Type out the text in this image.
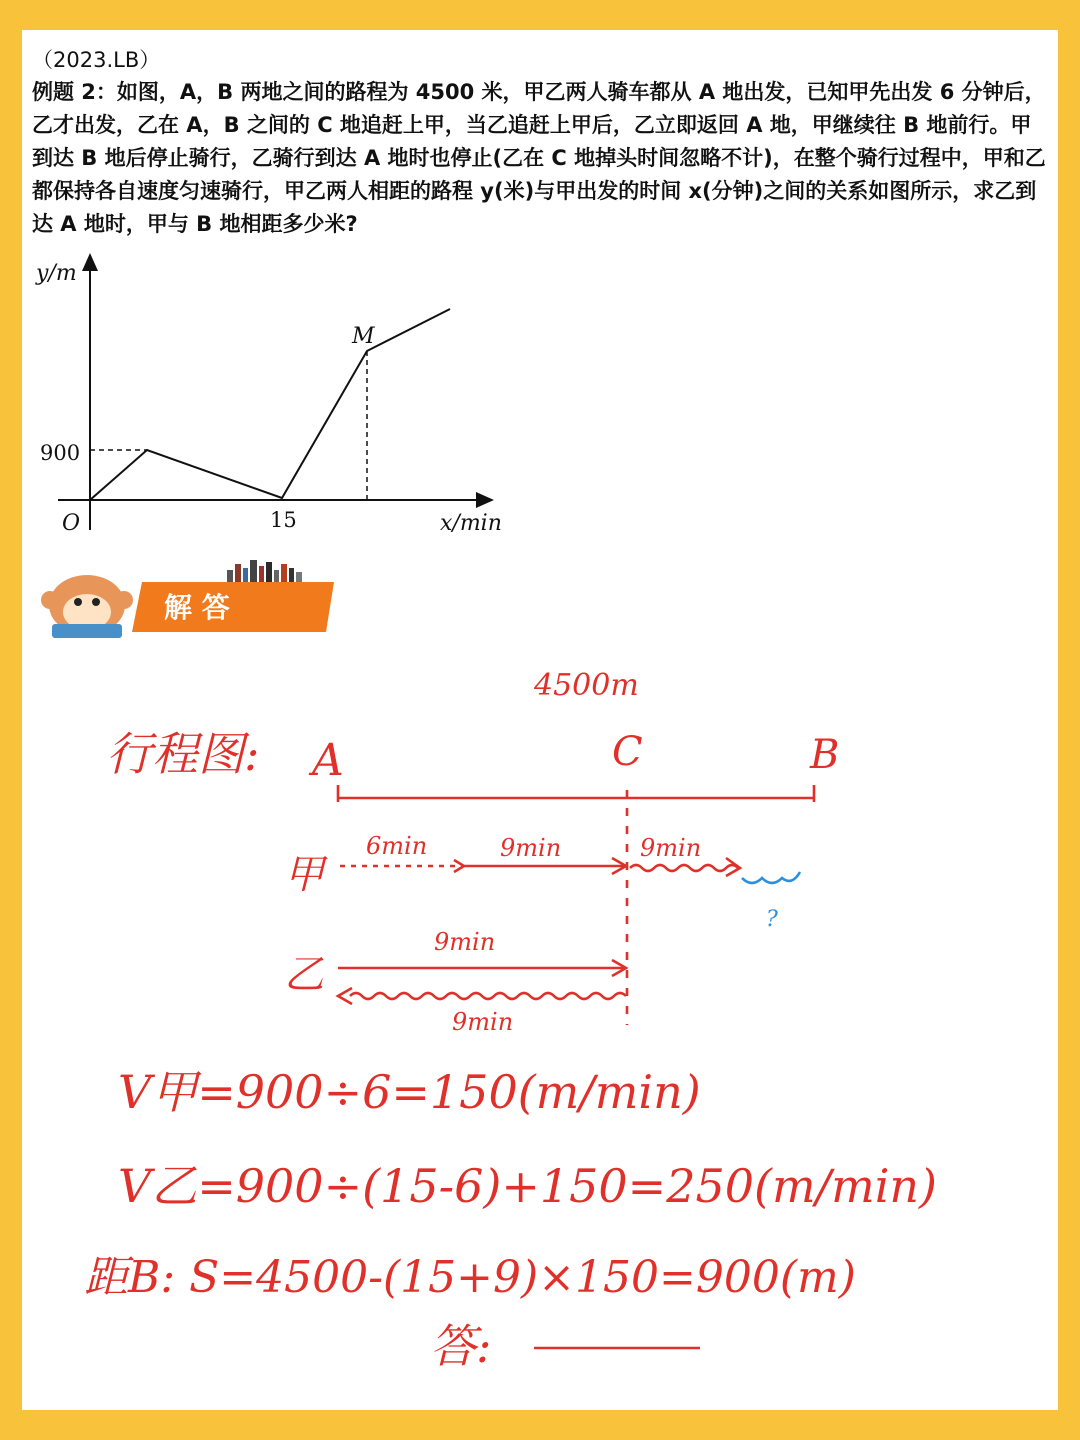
（2023.LB）
例题 2：如图，A，B 两地之间的路程为 4500 米，甲乙两人骑车都从 A 地出发，已知甲先出发 6 分钟后，乙才出发，乙在 A，B 之间的 C 地追赶上甲，当乙追赶上甲后，乙立即返回 A 地，甲继续往 B 地前行。甲到达 B 地后停止骑行，乙骑行到达 A 地时也停止(乙在 C 地掉头时间忽略不计)，在整个骑行过程中，甲和乙都保持各自速度匀速骑行，甲乙两人相距的路程 y(米)与甲出发的时间 x(分钟)之间的关系如图所示，求乙到达 A 地时，甲与 B 地相距多少米?
y/m
x/min
O
900
15
M
解 答
4500m
行程图: A	C	B
甲
6min	9min	9min
?
乙
9min
9min
V甲=900÷6=150(m/min)
V乙=900÷(15-6)+150=250(m/min)
距B: S=4500-(15+9)×150=900(m)
答:
